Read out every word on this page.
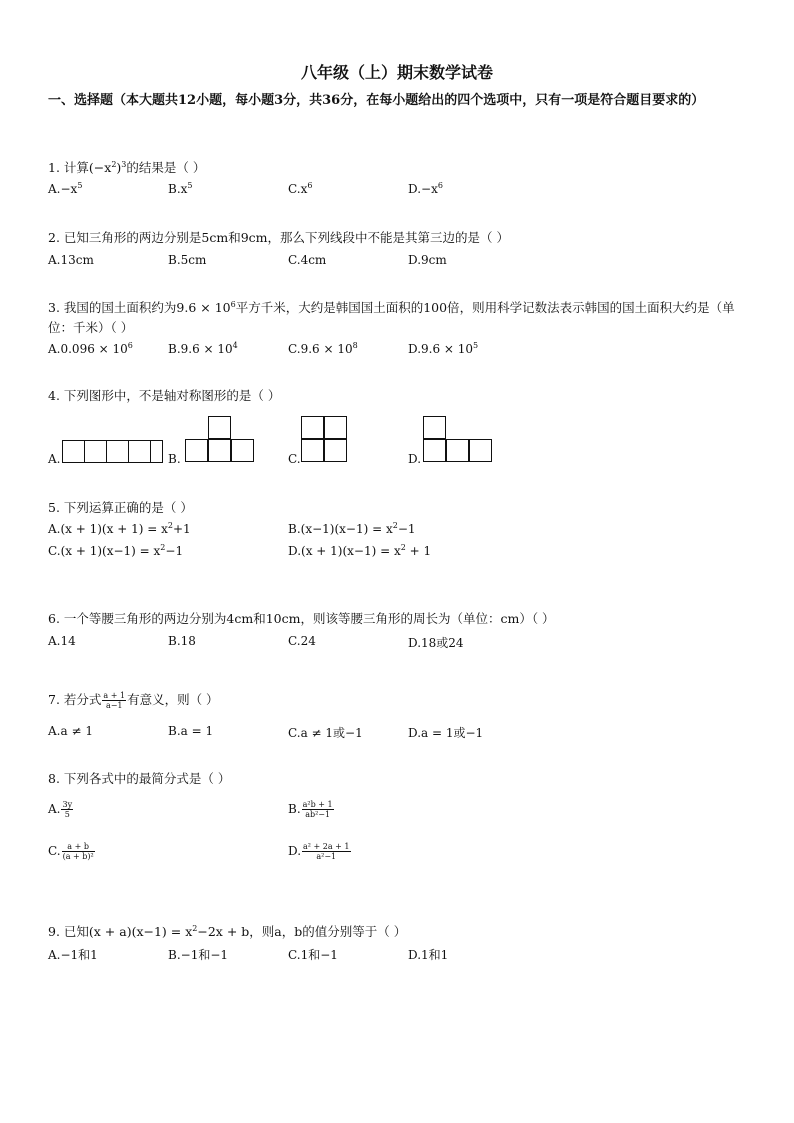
八年级（上）期末数学试卷
一、选择题（本大题共12小题，每小题3分，共36分，在每小题给出的四个选项中，只有一项是符合题目要求的）
1. 计算$(-x^2)^3$的结果是（ ）
$A.-x^5$	$B.x^5$	$C.x^6$	$D.-x^6$
2. 已知三角形的两边分别是5cm和9cm，那么下列线段中不能是其第三边的是（ ）
A.13cm	B.5cm	C.4cm	D.9cm
3. 我国的国土面积约为$9.6 \times 10^6$平方千米，大约是韩国国土面积的100倍，则用科学记数法表示韩国的国土面积大约是（单位：千米）（ ）
$A.0.096 \times 10^6$	$B.9.6 \times 10^4$	$C.9.6 \times 10^8$	$D.9.6 \times 10^5$
4. 下列图形中，不是轴对称图形的是（ ）
A.	B.	C.	D.
5. 下列运算正确的是（ ）
$A.(x + 1)(x + 1) = x^2+1$	$B.(x-1)(x-1) = x^2-1$
$C.(x + 1)(x-1) = x^2-1$	$D.(x + 1)(x-1) = x^2 + 1$
6. 一个等腰三角形的两边分别为4cm和10cm，则该等腰三角形的周长为（单位：cm）（ ）
A.14	B.18	C.24	D.18或24
7. 若分式 $\frac{a + 1}{a-1}$ 有意义，则（ ）
A.a ≠ 1	B.a = 1	C.a ≠ 1或−1	D.a = 1或−1
8. 下列各式中的最简分式是（ ）
A. $\frac{3y}{5}$	B. $\frac{\text{a²b + 1}}{\text{ab²−1}}$
C. $\frac{a + b}{\text{(a + b)²}}$	D. $\frac{\text{a² + 2a + 1}}{\text{a²−1}}$
9. 已知$(x + a)(x-1) = x^2-2x + b$，则a，b的值分别等于（ ）
A.−1和1	B.−1和−1	C.1和−1	D.1和1
